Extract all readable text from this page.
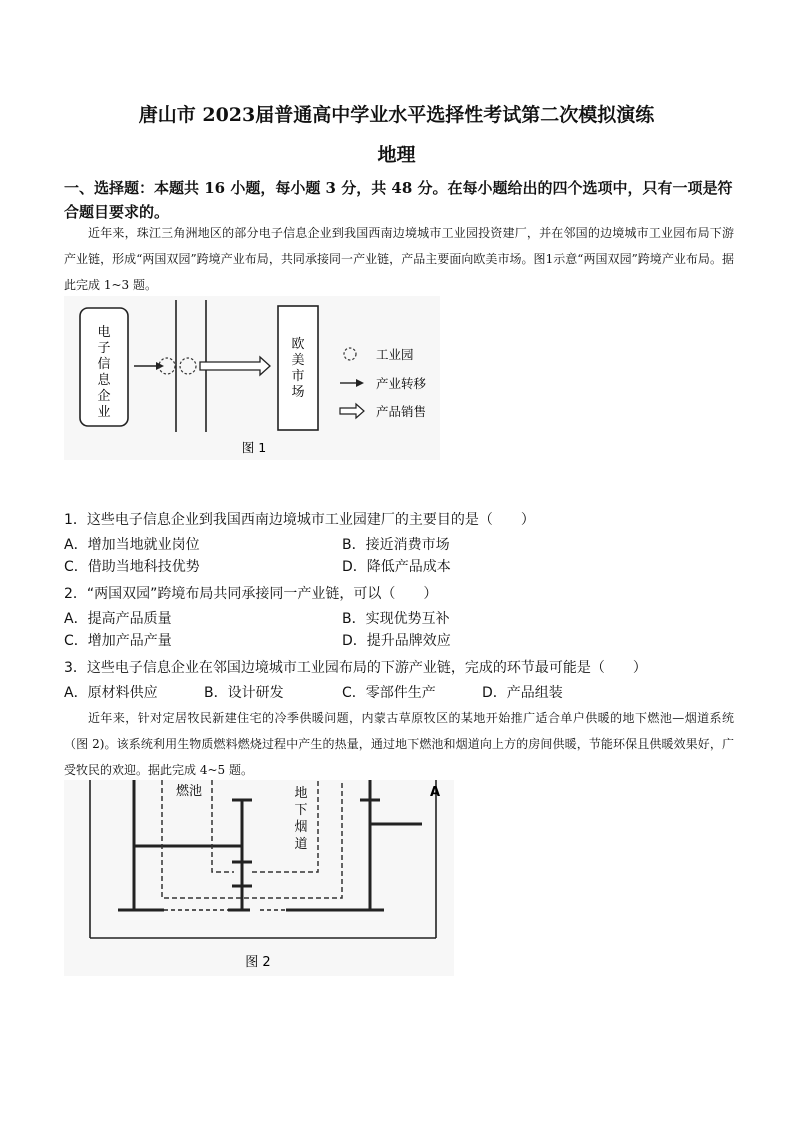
唐山市 2023届普通高中学业水平选择性考试第二次模拟演练
地理
一、选择题：本题共 16 小题，每小题 3 分，共 48 分。在每小题给出的四个选项中，只有一项是符合题目要求的。
近年来，珠江三角洲地区的部分电子信息企业到我国西南边境城市工业园投资建厂，并在邻国的边境城市工业园布局下游产业链，形成“两国双园”跨境产业布局，共同承接同一产业链，产品主要面向欧美市场。图1示意“两国双园”跨境产业布局。据此完成 1~3 题。
电
子
信
息
企
业
欧
美
市
场
工业园
产业转移
产品销售
图 1
1．这些电子信息企业到我国西南边境城市工业园建厂的主要目的是（　　）
A．增加当地就业岗位	B．接近消费市场
C．借助当地科技优势	D．降低产品成本
2．“两国双园”跨境布局共同承接同一产业链，可以（　　）
A．提高产品质量	B．实现优势互补
C．增加产品产量	D．提升品牌效应
3．这些电子信息企业在邻国边境城市工业园布局的下游产业链，完成的环节最可能是（　　）
A．原材料供应	B．设计研发	C．零部件生产	D．产品组装
近年来，针对定居牧民新建住宅的冷季供暖问题，内蒙古草原牧区的某地开始推广适合单户供暖的地下燃池—烟道系统（图 2)。该系统利用生物质燃料燃烧过程中产生的热量，通过地下燃池和烟道向上方的房间供暖，节能环保且供暖效果好，广受牧民的欢迎。据此完成 4~5 题。
燃池	地
下
烟
道
A
图 2
